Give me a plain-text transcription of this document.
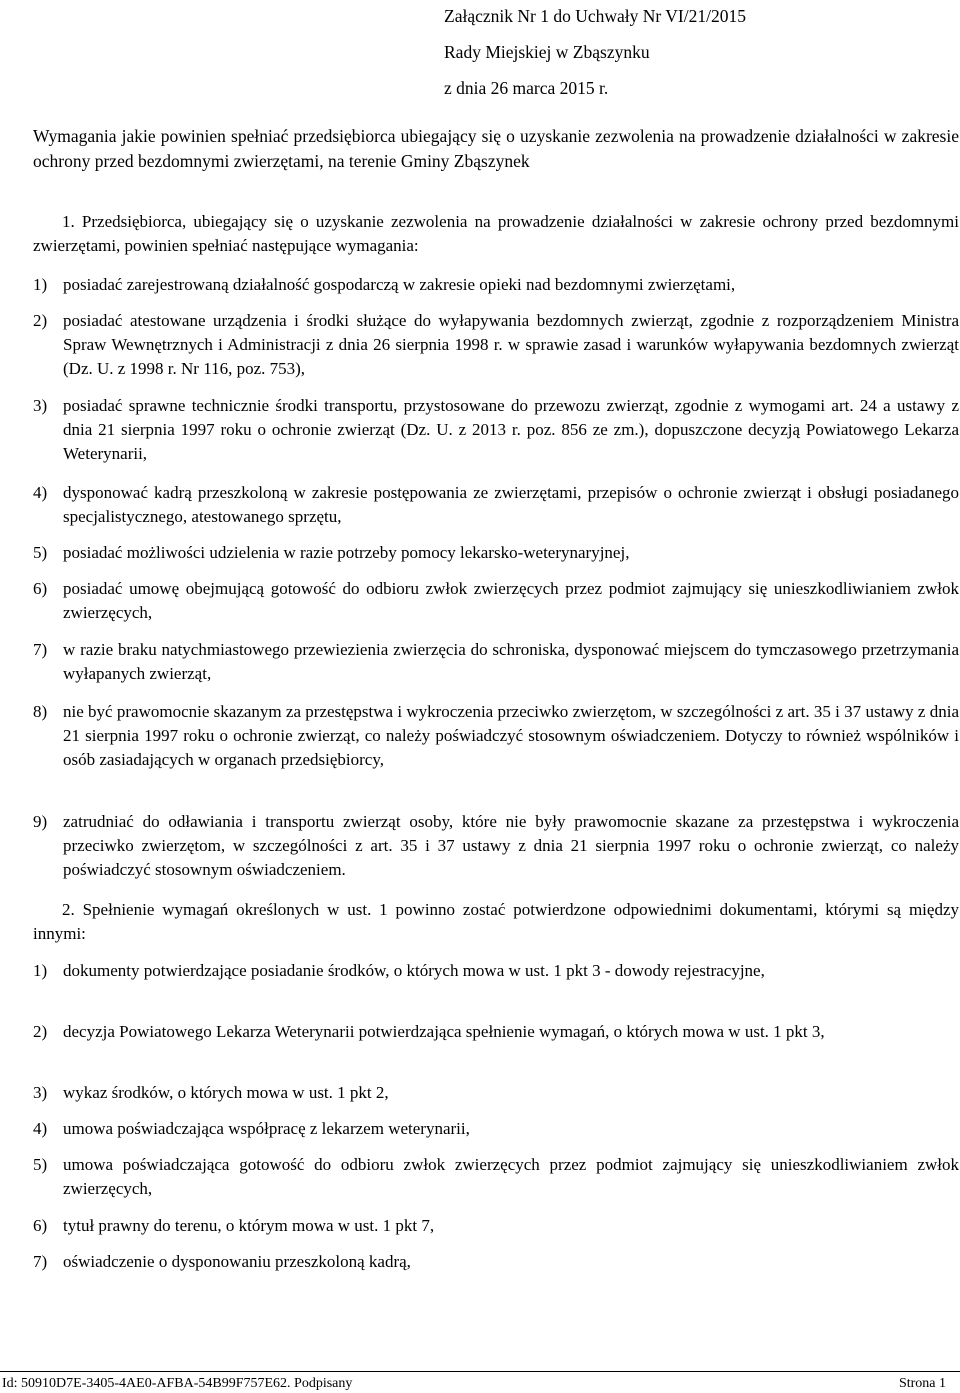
Załącznik Nr 1 do Uchwały Nr VI/21/2015
Rady Miejskiej w Zbąszynku
z dnia 26 marca 2015 r.
Wymagania jakie powinien spełniać przedsiębiorca ubiegający się o uzyskanie zezwolenia na prowadzenie działalności w zakresie ochrony przed bezdomnymi zwierzętami, na terenie Gminy Zbąszynek
1. Przedsiębiorca, ubiegający się o uzyskanie zezwolenia na prowadzenie działalności w zakresie ochrony przed bezdomnymi zwierzętami, powinien spełniać następujące wymagania:
1) posiadać zarejestrowaną działalność gospodarczą w zakresie opieki nad bezdomnymi zwierzętami,
2) posiadać atestowane urządzenia i środki służące do wyłapywania bezdomnych zwierząt, zgodnie z rozporządzeniem Ministra Spraw Wewnętrznych i Administracji z dnia 26 sierpnia 1998 r. w sprawie zasad i warunków wyłapywania bezdomnych zwierząt (Dz. U. z 1998 r. Nr 116, poz. 753),
3) posiadać sprawne technicznie środki transportu, przystosowane do przewozu zwierząt, zgodnie z wymogami art. 24 a ustawy z dnia 21 sierpnia 1997 roku o ochronie zwierząt (Dz. U. z 2013 r. poz. 856 ze zm.), dopuszczone decyzją Powiatowego Lekarza Weterynarii,
4) dysponować kadrą przeszkoloną w zakresie postępowania ze zwierzętami, przepisów o ochronie zwierząt i obsługi posiadanego specjalistycznego, atestowanego sprzętu,
5) posiadać możliwości udzielenia w razie potrzeby pomocy lekarsko-weterynaryjnej,
6) posiadać umowę obejmującą gotowość do odbioru zwłok zwierzęcych przez podmiot zajmujący się unieszkodliwianiem zwłok zwierzęcych,
7) w razie braku natychmiastowego przewiezienia zwierzęcia do schroniska, dysponować miejscem do tymczasowego przetrzymania wyłapanych zwierząt,
8) nie być prawomocnie skazanym za przestępstwa i wykroczenia przeciwko zwierzętom, w szczególności z art. 35 i 37 ustawy z dnia 21 sierpnia 1997 roku o ochronie zwierząt, co należy poświadczyć stosownym oświadczeniem. Dotyczy to również wspólników i osób zasiadających w organach przedsiębiorcy,
9) zatrudniać do odławiania i transportu zwierząt osoby, które nie były prawomocnie skazane za przestępstwa i wykroczenia przeciwko zwierzętom, w szczególności z art. 35 i 37 ustawy z dnia 21 sierpnia 1997 roku o ochronie zwierząt, co należy poświadczyć stosownym oświadczeniem.
2. Spełnienie wymagań określonych w ust. 1 powinno zostać potwierdzone odpowiednimi dokumentami, którymi są między innymi:
1) dokumenty potwierdzające posiadanie środków, o których mowa w ust. 1 pkt 3 - dowody rejestracyjne,
2) decyzja Powiatowego Lekarza Weterynarii potwierdzająca spełnienie wymagań, o których mowa w ust. 1 pkt 3,
3) wykaz środków, o których mowa w ust. 1 pkt 2,
4) umowa poświadczająca współpracę z lekarzem weterynarii,
5) umowa poświadczająca gotowość do odbioru zwłok zwierzęcych przez podmiot zajmujący się unieszkodliwianiem zwłok zwierzęcych,
6) tytuł prawny do terenu, o którym mowa w ust. 1 pkt 7,
7) oświadczenie o dysponowaniu przeszkoloną kadrą,
Id: 50910D7E-3405-4AE0-AFBA-54B99F757E62. Podpisany	Strona 1
